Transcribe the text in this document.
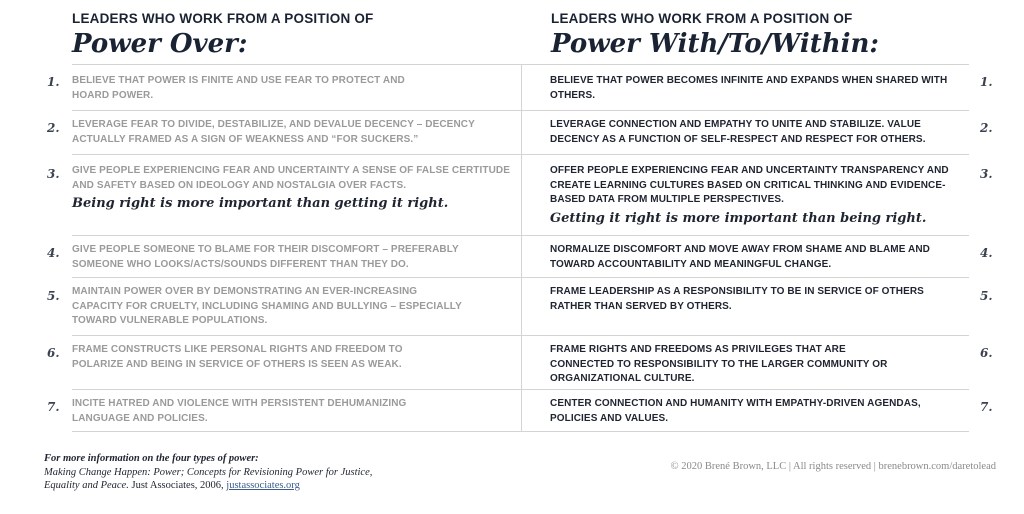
LEADERS WHO WORK FROM A POSITION OF
Power Over:
LEADERS WHO WORK FROM A POSITION OF
Power With/To/Within:
1.	BELIEVE THAT POWER IS FINITE AND USE FEAR TO PROTECT AND HOARD POWER.
BELIEVE THAT POWER BECOMES INFINITE AND EXPANDS WHEN SHARED WITH OTHERS.
1.
2.	LEVERAGE FEAR TO DIVIDE, DESTABILIZE, AND DEVALUE DECENCY – DECENCY ACTUALLY FRAMED AS A SIGN OF WEAKNESS AND “FOR SUCKERS.”
LEVERAGE CONNECTION AND EMPATHY TO UNITE AND STABILIZE. VALUE DECENCY AS A FUNCTION OF SELF-RESPECT AND RESPECT FOR OTHERS.
2.
3.	GIVE PEOPLE EXPERIENCING FEAR AND UNCERTAINTY A SENSE OF FALSE CERTITUDE AND SAFETY BASED ON IDEOLOGY AND NOSTALGIA OVER FACTS.
Being right is more important than getting it right.
OFFER PEOPLE EXPERIENCING FEAR AND UNCERTAINTY TRANSPARENCY AND CREATE LEARNING CULTURES BASED ON CRITICAL THINKING AND EVIDENCE-BASED DATA FROM MULTIPLE PERSPECTIVES.
Getting it right is more important than being right.
3.
4.	GIVE PEOPLE SOMEONE TO BLAME FOR THEIR DISCOMFORT – PREFERABLY SOMEONE WHO LOOKS/ACTS/SOUNDS DIFFERENT THAN THEY DO.
NORMALIZE DISCOMFORT AND MOVE AWAY FROM SHAME AND BLAME AND TOWARD ACCOUNTABILITY AND MEANINGFUL CHANGE.
4.
5.	MAINTAIN POWER OVER BY DEMONSTRATING AN EVER-INCREASING CAPACITY FOR CRUELTY, INCLUDING SHAMING AND BULLYING – ESPECIALLY TOWARD VULNERABLE POPULATIONS.
FRAME LEADERSHIP AS A RESPONSIBILITY TO BE IN SERVICE OF OTHERS RATHER THAN SERVED BY OTHERS.
5.
6.	FRAME CONSTRUCTS LIKE PERSONAL RIGHTS AND FREEDOM TO POLARIZE AND BEING IN SERVICE OF OTHERS IS SEEN AS WEAK.
FRAME RIGHTS AND FREEDOMS AS PRIVILEGES THAT ARE CONNECTED TO RESPONSIBILITY TO THE LARGER COMMUNITY OR ORGANIZATIONAL CULTURE.
6.
7.	INCITE HATRED AND VIOLENCE WITH PERSISTENT DEHUMANIZING LANGUAGE AND POLICIES.
CENTER CONNECTION AND HUMANITY WITH EMPATHY-DRIVEN AGENDAS, POLICIES AND VALUES.
7.
For more information on the four types of power:
Making Change Happen: Power; Concepts for Revisioning Power for Justice,
Equality and Peace. Just Associates, 2006, justassociates.org
© 2020 Brené Brown, LLC | All rights reserved | brenebrown.com/daretolead
